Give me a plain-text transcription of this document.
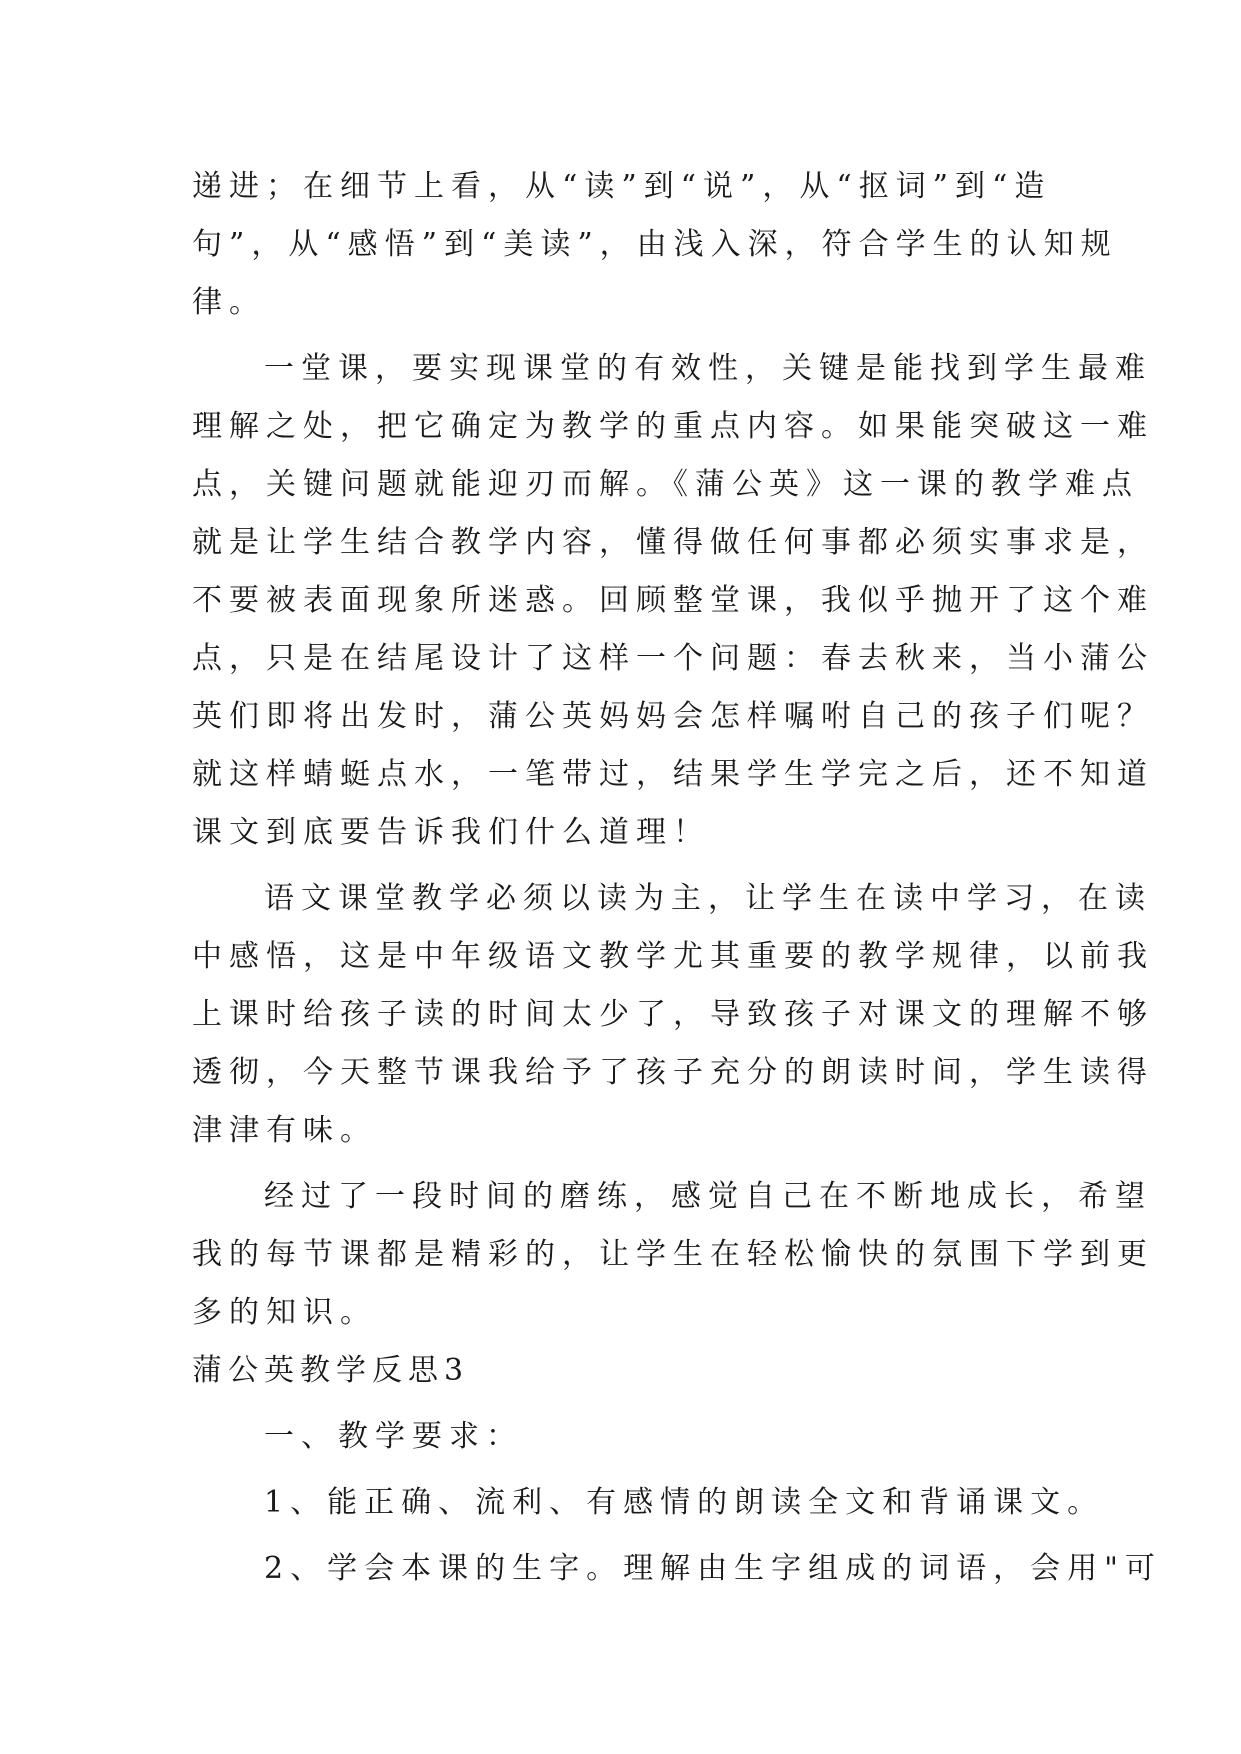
递进；在细节上看，从“读”到“说”，从“抠词”到“造
句”，从“感悟”到“美读”，由浅入深，符合学生的认知规
律。
一堂课，要实现课堂的有效性，关键是能找到学生最难
理解之处，把它确定为教学的重点内容。如果能突破这一难
点，关键问题就能迎刃而解。《蒲公英》这一课的教学难点
就是让学生结合教学内容，懂得做任何事都必须实事求是，
不要被表面现象所迷惑。回顾整堂课，我似乎抛开了这个难
点，只是在结尾设计了这样一个问题：春去秋来，当小蒲公
英们即将出发时，蒲公英妈妈会怎样嘱咐自己的孩子们呢？
就这样蜻蜓点水，一笔带过，结果学生学完之后，还不知道
课文到底要告诉我们什么道理！
语文课堂教学必须以读为主，让学生在读中学习，在读
中感悟，这是中年级语文教学尤其重要的教学规律，以前我
上课时给孩子读的时间太少了，导致孩子对课文的理解不够
透彻，今天整节课我给予了孩子充分的朗读时间，学生读得
津津有味。
经过了一段时间的磨练，感觉自己在不断地成长，希望
我的每节课都是精彩的，让学生在轻松愉快的氛围下学到更
多的知识。
蒲公英教学反思3
一、教学要求：
1、能正确、流利、有感情的朗读全文和背诵课文。
2、学会本课的生字。理解由生字组成的词语，会用"可
